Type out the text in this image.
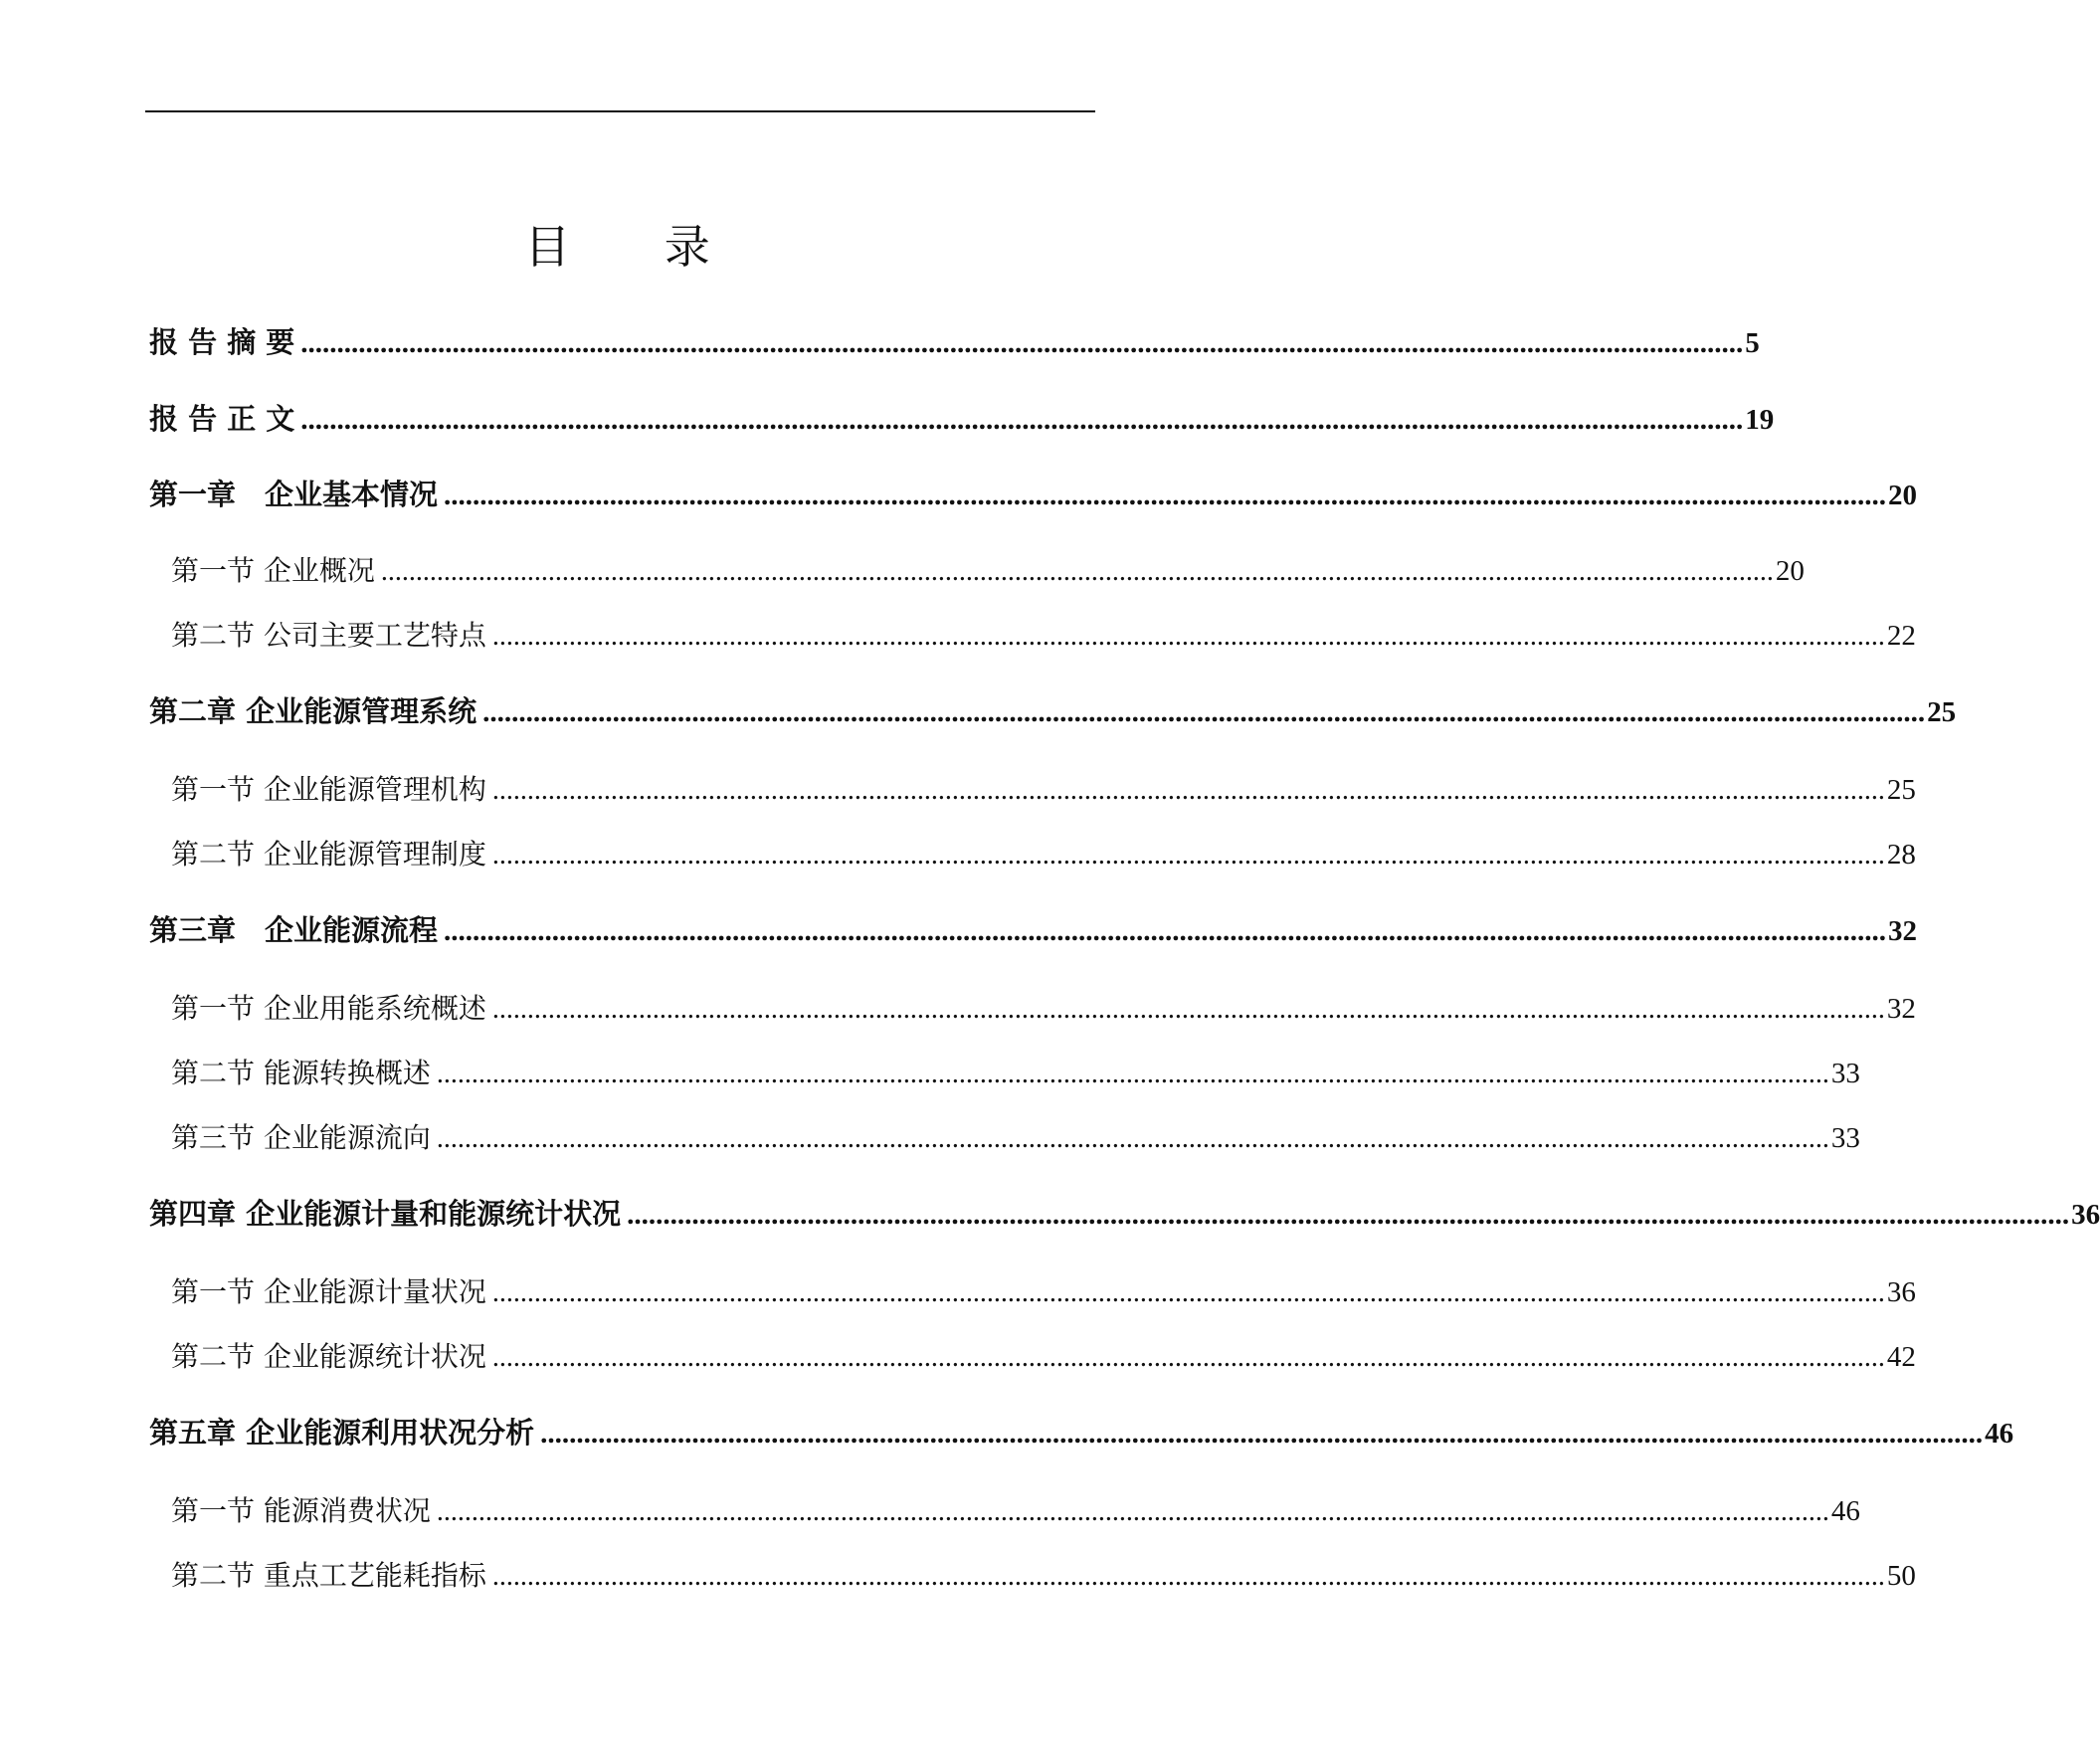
目 录
报 告 摘 要 ........................................................................................................................................................................................................ 5
报 告 正 文 ........................................................................................................................................................................................................ 19
第一章　企业基本情况 ........................................................................................................................................................................................................ 20
第一节 企业概况 ........................................................................................................................................................................................................ 20
第二节 公司主要工艺特点 ........................................................................................................................................................................................................ 22
第二章 企业能源管理系统 ........................................................................................................................................................................................................ 25
第一节 企业能源管理机构 ........................................................................................................................................................................................................ 25
第二节 企业能源管理制度 ........................................................................................................................................................................................................ 28
第三章　企业能源流程 ........................................................................................................................................................................................................ 32
第一节 企业用能系统概述 ........................................................................................................................................................................................................ 32
第二节 能源转换概述 ........................................................................................................................................................................................................ 33
第三节 企业能源流向 ........................................................................................................................................................................................................ 33
第四章 企业能源计量和能源统计状况 ........................................................................................................................................................................................................ 36
第一节 企业能源计量状况 ........................................................................................................................................................................................................ 36
第二节 企业能源统计状况 ........................................................................................................................................................................................................ 42
第五章 企业能源利用状况分析 ........................................................................................................................................................................................................ 46
第一节 能源消费状况 ........................................................................................................................................................................................................ 46
第二节 重点工艺能耗指标 ........................................................................................................................................................................................................ 50
